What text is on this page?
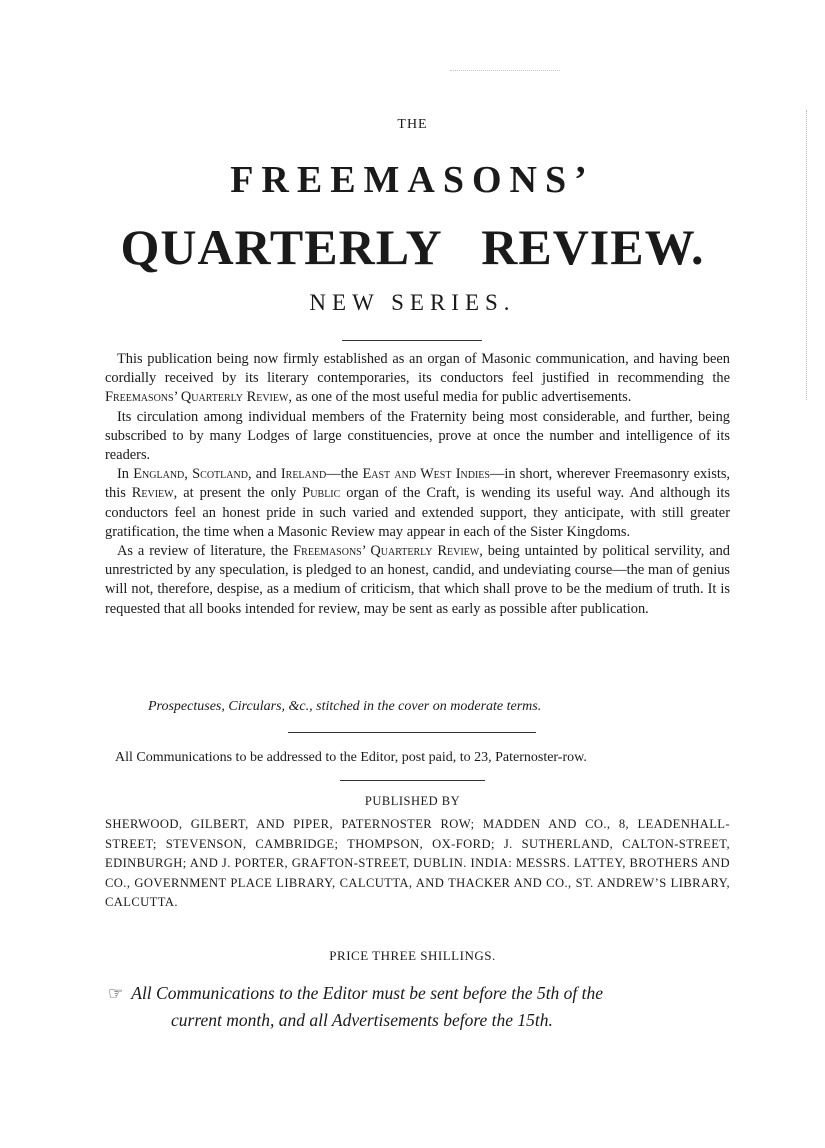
THE
FREEMASONS’
QUARTERLY   REVIEW.
NEW SERIES.

This publication being now firmly established as an organ of Masonic communication, and having been cordially received by its literary contemporaries, its conductors feel justified in recommending the Freemasons’ Quarterly Review, as one of the most useful media for public advertisements.

Its circulation among individual members of the Fraternity being most considerable, and further, being subscribed to by many Lodges of large constituencies, prove at once the number and intelligence of its readers.

In England, Scotland, and Ireland—the East and West Indies—in short, wherever Freemasonry exists, this Review, at present the only Public organ of the Craft, is wending its useful way. And although its conductors feel an honest pride in such varied and extended support, they anticipate, with still greater gratification, the time when a Masonic Review may appear in each of the Sister Kingdoms.

As a review of literature, the Freemasons’ Quarterly Review, being untainted by political servility, and unrestricted by any speculation, is pledged to an honest, candid, and undeviating course—the man of genius will not, therefore, despise, as a medium of criticism, that which shall prove to be the medium of truth. It is requested that all books intended for review, may be sent as early as possible after publication.

Prospectuses, Circulars, &c., stitched in the cover on moderate terms.
All Communications to be addressed to the Editor, post paid, to 23, Paternoster-row.
PUBLISHED BY
SHERWOOD, GILBERT, AND PIPER, PATERNOSTER ROW; MADDEN AND CO., 8, LEADENHALL-STREET; STEVENSON, CAMBRIDGE; THOMPSON, OX-FORD; J. SUTHERLAND, CALTON-STREET, EDINBURGH; AND J. PORTER, GRAFTON-STREET, DUBLIN. INDIA: MESSRS. LATTEY, BROTHERS AND CO., GOVERNMENT PLACE LIBRARY, CALCUTTA, AND THACKER AND CO., ST. ANDREW’S LIBRARY, CALCUTTA.
PRICE THREE SHILLINGS.
☞ All Communications to the Editor must be sent before the 5th of the
current month, and all Advertisements before the 15th.
